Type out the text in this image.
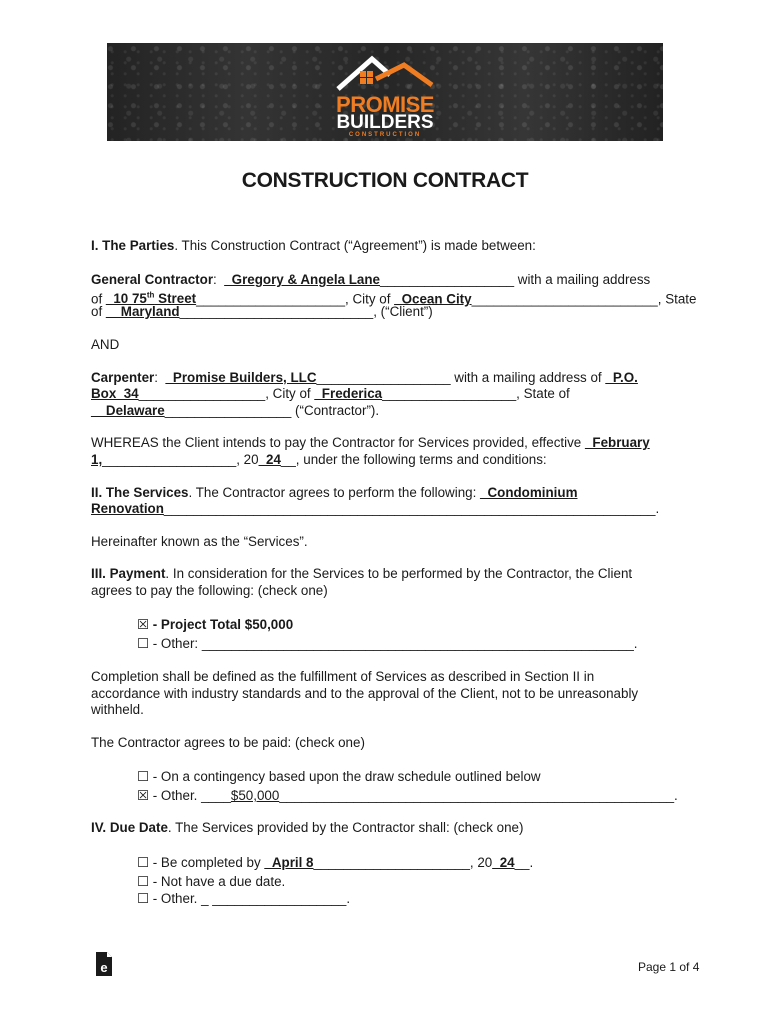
PROMISE
BUILDERS
CONSTRUCTION
CONSTRUCTION CONTRACT
I. The Parties. This Construction Contract (“Agreement”) is made between:
General Contractor:  _Gregory & Angela Lane__________________ with a mailing address
of _10 75th Street____________________, City of _Ocean City_________________________, State
of __Maryland__________________________, (“Client”)
AND
Carpenter:  _Promise Builders, LLC__________________ with a mailing address of _P.O.
Box  34_________________, City of _Frederica__________________, State of
__Delaware_________________ (“Contractor”).
WHEREAS the Client intends to pay the Contractor for Services provided, effective _February
1,__________________, 20_24__, under the following terms and conditions:
II. The Services. The Contractor agrees to perform the following: _Condominium
Renovation__________________________________________________________________.
Hereinafter known as the “Services”.
III. Payment. In consideration for the Services to be performed by the Contractor, the Client
agrees to pay the following: (check one)
☒ - Project Total $50,000
☐ - Other: __________________________________________________________.
Completion shall be defined as the fulfillment of Services as described in Section II in
accordance with industry standards and to the approval of the Client, not to be unreasonably
withheld.
The Contractor agrees to be paid: (check one)
☐ - On a contingency based upon the draw schedule outlined below
☒ - Other. ____$50,000_____________________________________________________.
IV. Due Date. The Services provided by the Contractor shall: (check one)
☐ - Be completed by _April 8_____________________, 20_24__.
☐ - Not have a due date.
☐ - Other. _ __________________.
e	Page 1 of 4
